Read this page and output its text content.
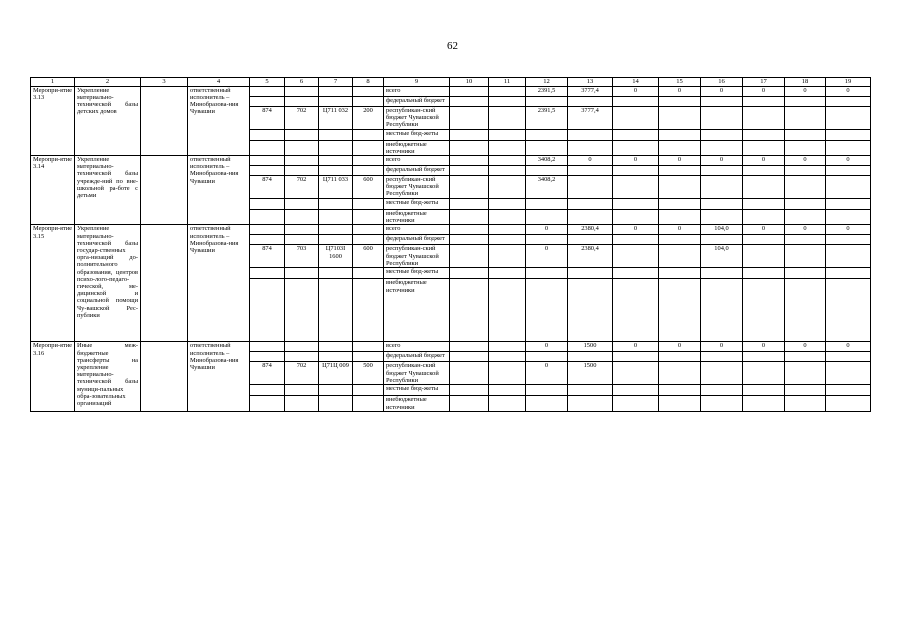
62
1	2	3	4	5	6	7	8	9	10	11	12	13	14	15	16	17	18	19
Меропри-ятие 3.13	Укрепление материально-технической базы детских домов		ответственный исполнитель – Минобразова-ния Чувашии					всего			2391,5	3777,4	0	0	0	0	0	0
								федеральный бюджет										
				874	702	Ц711 032	200	республикан-ский бюджет Чувашской Республики			2391,5	3777,4						
								местные бюд-жеты										
								внебюджетные источники										
Меропри-ятие 3.14	Укрепление материально-технической базы учрежде-ний по вне-школьной ра-боте с детьми		ответственный исполнитель – Минобразова-ния Чувашии					всего			3408,2	0	0	0	0	0	0	0
								федеральный бюджет										
				874	702	Ц711 033	600	республикан-ский бюджет Чувашской Республики			3408,2							
								местные бюд-жеты										
								внебюджетные источники										
Меропри-ятие 3.15	Укрепление материально-технической базы государ-ственных орга-низаций до-полнительного образования, центров психо-лого-педаго-гической, ме-дицинской и социальной помощи Чу-вашской Рес-публики		ответственный исполнитель – Минобразова-ния Чувашии					всего			0	2380,4	0	0	104,0	0	0	0
								федеральный бюджет										
				874	703	Ц7103I 1600	600	республикан-ский бюджет Чувашской Республики			0	2380,4			104,0			
								местные бюд-жеты										
								внебюджетные источники										
Меропри-ятие 3.16	Иные меж-бюджетные трансферты на укрепление материально-технической базы муници-пальных обра-зовательных организаций		ответственный исполнитель – Минобразова-ния Чувашии					всего			0	1500	0	0	0	0	0	0
								федеральный бюджет										
				874	702	Ц71Ц 009	500	республикан-ский бюджет Чувашской Республики			0	1500						
								местные бюд-жеты										
								внебюджетные источники										
